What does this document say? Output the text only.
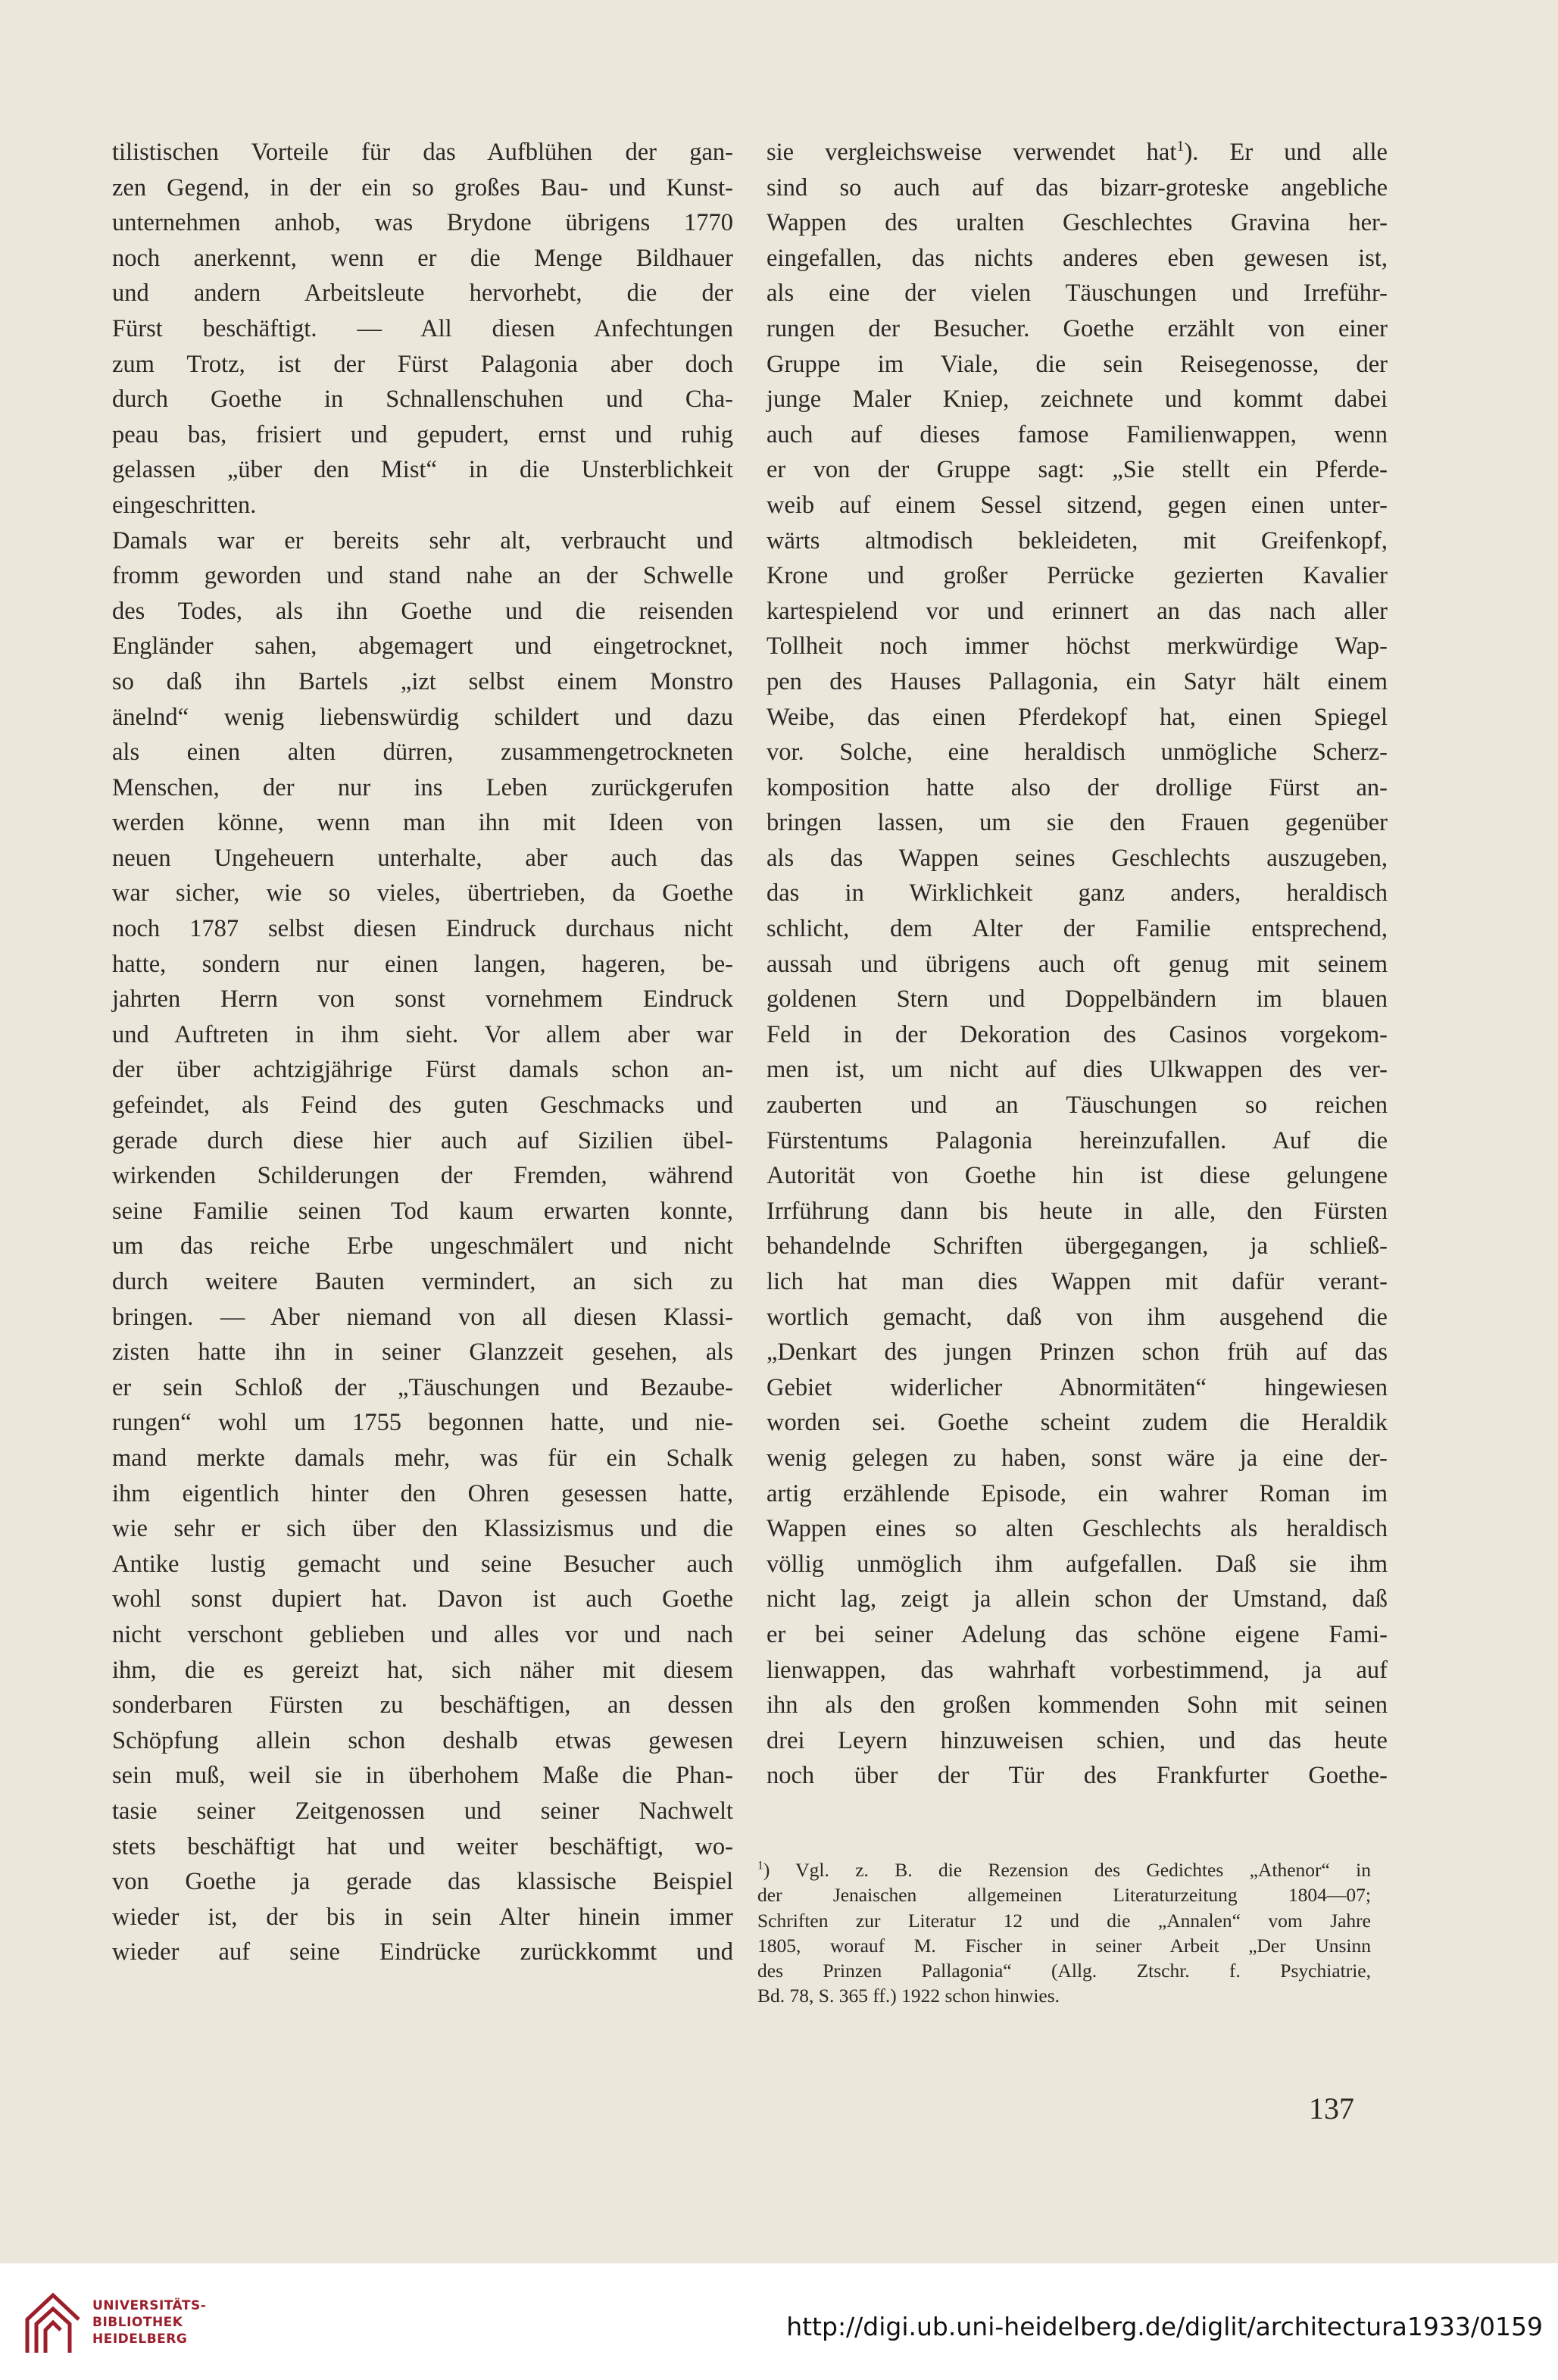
tilistischen Vorteile für das Aufblühen der gan-
zen Gegend, in der ein so großes Bau- und Kunst-
unternehmen anhob, was Brydone übrigens 1770
noch anerkennt, wenn er die Menge Bildhauer
und andern Arbeitsleute hervorhebt, die der
Fürst beschäftigt. — All diesen Anfechtungen
zum Trotz, ist der Fürst Palagonia aber doch
durch Goethe in Schnallenschuhen und Cha-
peau bas, frisiert und gepudert, ernst und ruhig
gelassen „über den Mist“ in die Unsterblichkeit
eingeschritten.
Damals war er bereits sehr alt, verbraucht und
fromm geworden und stand nahe an der Schwelle
des Todes, als ihn Goethe und die reisenden
Engländer sahen, abgemagert und eingetrocknet,
so daß ihn Bartels „izt selbst einem Monstro
änelnd“ wenig liebenswürdig schildert und dazu
als einen alten dürren, zusammengetrockneten
Menschen, der nur ins Leben zurückgerufen
werden könne, wenn man ihn mit Ideen von
neuen Ungeheuern unterhalte, aber auch das
war sicher, wie so vieles, übertrieben, da Goethe
noch 1787 selbst diesen Eindruck durchaus nicht
hatte, sondern nur einen langen, hageren, be-
jahrten Herrn von sonst vornehmem Eindruck
und Auftreten in ihm sieht. Vor allem aber war
der über achtzigjährige Fürst damals schon an-
gefeindet, als Feind des guten Geschmacks und
gerade durch diese hier auch auf Sizilien übel-
wirkenden Schilderungen der Fremden, während
seine Familie seinen Tod kaum erwarten konnte,
um das reiche Erbe ungeschmälert und nicht
durch weitere Bauten vermindert, an sich zu
bringen. — Aber niemand von all diesen Klassi-
zisten hatte ihn in seiner Glanzzeit gesehen, als
er sein Schloß der „Täuschungen und Bezaube-
rungen“ wohl um 1755 begonnen hatte, und nie-
mand merkte damals mehr, was für ein Schalk
ihm eigentlich hinter den Ohren gesessen hatte,
wie sehr er sich über den Klassizismus und die
Antike lustig gemacht und seine Besucher auch
wohl sonst dupiert hat. Davon ist auch Goethe
nicht verschont geblieben und alles vor und nach
ihm, die es gereizt hat, sich näher mit diesem
sonderbaren Fürsten zu beschäftigen, an dessen
Schöpfung allein schon deshalb etwas gewesen
sein muß, weil sie in überhohem Maße die Phan-
tasie seiner Zeitgenossen und seiner Nachwelt
stets beschäftigt hat und weiter beschäftigt, wo-
von Goethe ja gerade das klassische Beispiel
wieder ist, der bis in sein Alter hinein immer
wieder auf seine Eindrücke zurückkommt und
sie vergleichsweise verwendet hat$^1$). Er und alle
sind so auch auf das bizarr-groteske angebliche
Wappen des uralten Geschlechtes Gravina her-
eingefallen, das nichts anderes eben gewesen ist,
als eine der vielen Täuschungen und Irreführ-
rungen der Besucher. Goethe erzählt von einer
Gruppe im Viale, die sein Reisegenosse, der
junge Maler Kniep, zeichnete und kommt dabei
auch auf dieses famose Familienwappen, wenn
er von der Gruppe sagt: „Sie stellt ein Pferde-
weib auf einem Sessel sitzend, gegen einen unter-
wärts altmodisch bekleideten, mit Greifenkopf,
Krone und großer Perrücke gezierten Kavalier
kartespielend vor und erinnert an das nach aller
Tollheit noch immer höchst merkwürdige Wap-
pen des Hauses Pallagonia, ein Satyr hält einem
Weibe, das einen Pferdekopf hat, einen Spiegel
vor. Solche, eine heraldisch unmögliche Scherz-
komposition hatte also der drollige Fürst an-
bringen lassen, um sie den Frauen gegenüber
als das Wappen seines Geschlechts auszugeben,
das in Wirklichkeit ganz anders, heraldisch
schlicht, dem Alter der Familie entsprechend,
aussah und übrigens auch oft genug mit seinem
goldenen Stern und Doppelbändern im blauen
Feld in der Dekoration des Casinos vorgekom-
men ist, um nicht auf dies Ulkwappen des ver-
zauberten und an Täuschungen so reichen
Fürstentums Palagonia hereinzufallen. Auf die
Autorität von Goethe hin ist diese gelungene
Irrführung dann bis heute in alle, den Fürsten
behandelnde Schriften übergegangen, ja schließ-
lich hat man dies Wappen mit dafür verant-
wortlich gemacht, daß von ihm ausgehend die
„Denkart des jungen Prinzen schon früh auf das
Gebiet widerlicher Abnormitäten“ hingewiesen
worden sei. Goethe scheint zudem die Heraldik
wenig gelegen zu haben, sonst wäre ja eine der-
artig erzählende Episode, ein wahrer Roman im
Wappen eines so alten Geschlechts als heraldisch
völlig unmöglich ihm aufgefallen. Daß sie ihm
nicht lag, zeigt ja allein schon der Umstand, daß
er bei seiner Adelung das schöne eigene Fami-
lienwappen, das wahrhaft vorbestimmend, ja auf
ihn als den großen kommenden Sohn mit seinen
drei Leyern hinzuweisen schien, und das heute
noch über der Tür des Frankfurter Goethe-
$^1$) Vgl. z. B. die Rezension des Gedichtes „Athenor“ in
der Jenaischen allgemeinen Literaturzeitung 1804—07;
Schriften zur Literatur 12 und die „Annalen“ vom Jahre
1805, worauf M. Fischer in seiner Arbeit „Der Unsinn
des Prinzen Pallagonia“ (Allg. Ztschr. f. Psychiatrie,
Bd. 78, S. 365 ff.) 1922 schon hinwies.
137
UNIVERSITÄTS-
BIBLIOTHEK
HEIDELBERG	http://digi.ub.uni-heidelberg.de/diglit/architectura1933/0159
